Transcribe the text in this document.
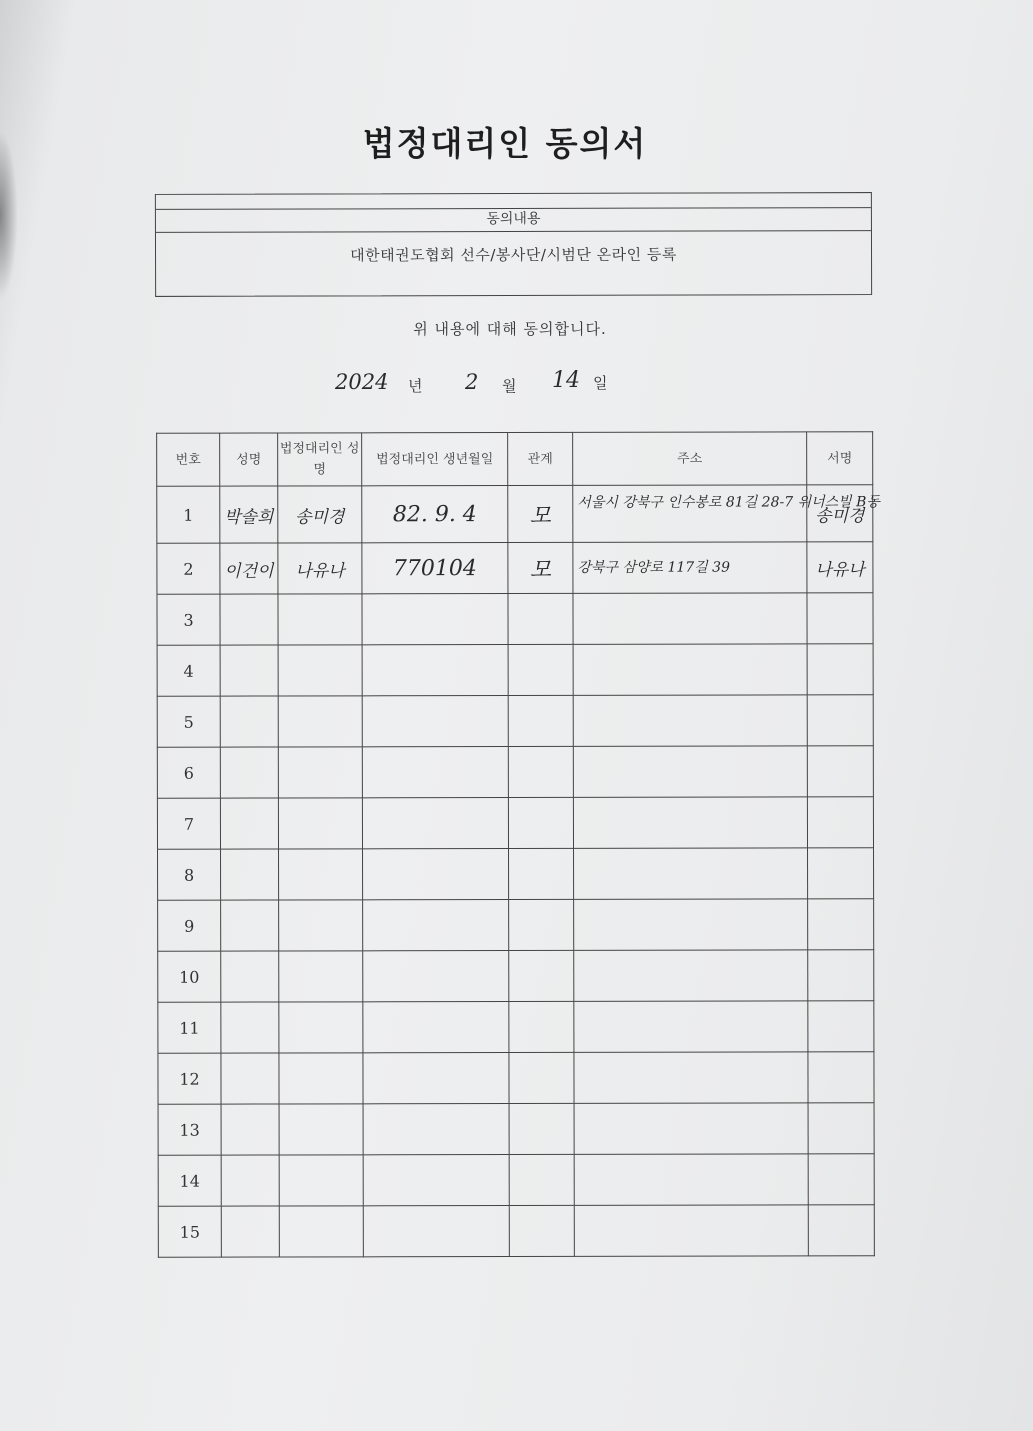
법정대리인 동의서
동의내용
대한태권도협회 선수/봉사단/시범단 온라인 등록
위 내용에 대해 동의합니다.
2024 년 2 월 14 일
번호	성명	법정대리인 성명	법정대리인 생년월일	관계	주소	서명
1	박솔희	송미경	82. 9. 4	모	서울시 강북구 인수봉로 81길 28-7 위너스빌 B동	송미경
2	이건이	나유나	770104	모	강북구 삼양로 117길 39	나유나
3						
4						
5						
6						
7						
8						
9						
10						
11						
12						
13						
14						
15						
